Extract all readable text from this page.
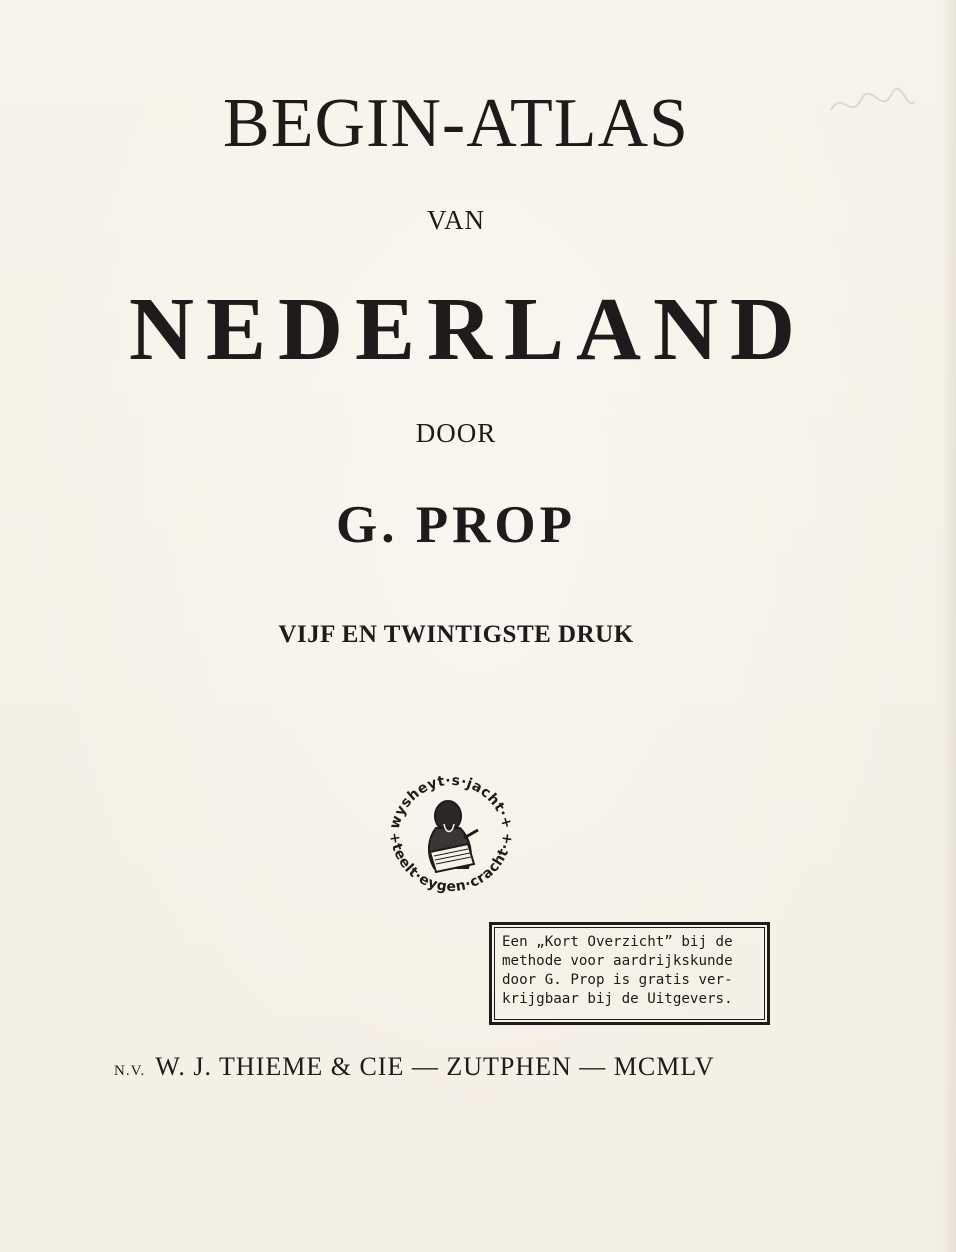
BEGIN-ATLAS
VAN
NEDERLAND
DOOR
G. PROP
VIJF EN TWINTIGSTE DRUK
wysheyt·s·jacht·+
+teelt·eygen·cracht·+
Een „Kort Overzicht” bij de
methode voor aardrijkskunde
door G. Prop is gratis ver-
krijgbaar bij de Uitgevers.
N.V. W. J. THIEME & CIE — ZUTPHEN — MCMLV
